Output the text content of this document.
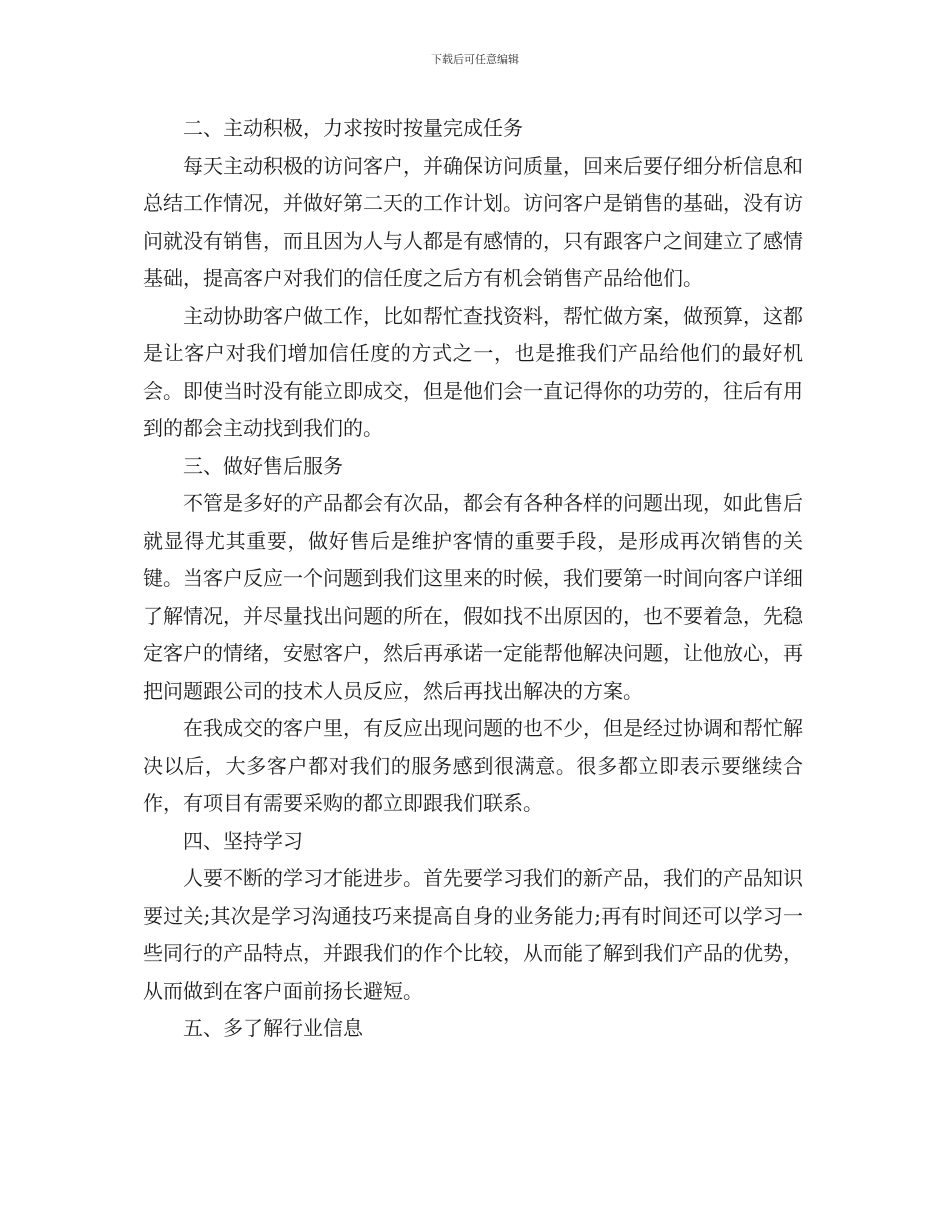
下载后可任意编辑

二、主动积极，力求按时按量完成任务

每天主动积极的访问客户，并确保访问质量，回来后要仔细分析信息和总结工作情况，并做好第二天的工作计划。访问客户是销售的基础，没有访问就没有销售，而且因为人与人都是有感情的，只有跟客户之间建立了感情基础，提高客户对我们的信任度之后方有机会销售产品给他们。

主动协助客户做工作，比如帮忙查找资料，帮忙做方案，做预算，这都是让客户对我们增加信任度的方式之一，也是推我们产品给他们的最好机会。即使当时没有能立即成交，但是他们会一直记得你的功劳的，往后有用到的都会主动找到我们的。

三、做好售后服务

不管是多好的产品都会有次品，都会有各种各样的问题出现，如此售后就显得尤其重要，做好售后是维护客情的重要手段，是形成再次销售的关键。当客户反应一个问题到我们这里来的时候，我们要第一时间向客户详细了解情况，并尽量找出问题的所在，假如找不出原因的，也不要着急，先稳定客户的情绪，安慰客户，然后再承诺一定能帮他解决问题，让他放心，再把问题跟公司的技术人员反应，然后再找出解决的方案。

在我成交的客户里，有反应出现问题的也不少，但是经过协调和帮忙解决以后，大多客户都对我们的服务感到很满意。很多都立即表示要继续合作，有项目有需要采购的都立即跟我们联系。

四、坚持学习

人要不断的学习才能进步。首先要学习我们的新产品，我们的产品知识要过关;其次是学习沟通技巧来提高自身的业务能力;再有时间还可以学习一些同行的产品特点，并跟我们的作个比较，从而能了解到我们产品的优势，从而做到在客户面前扬长避短。

五、多了解行业信息
